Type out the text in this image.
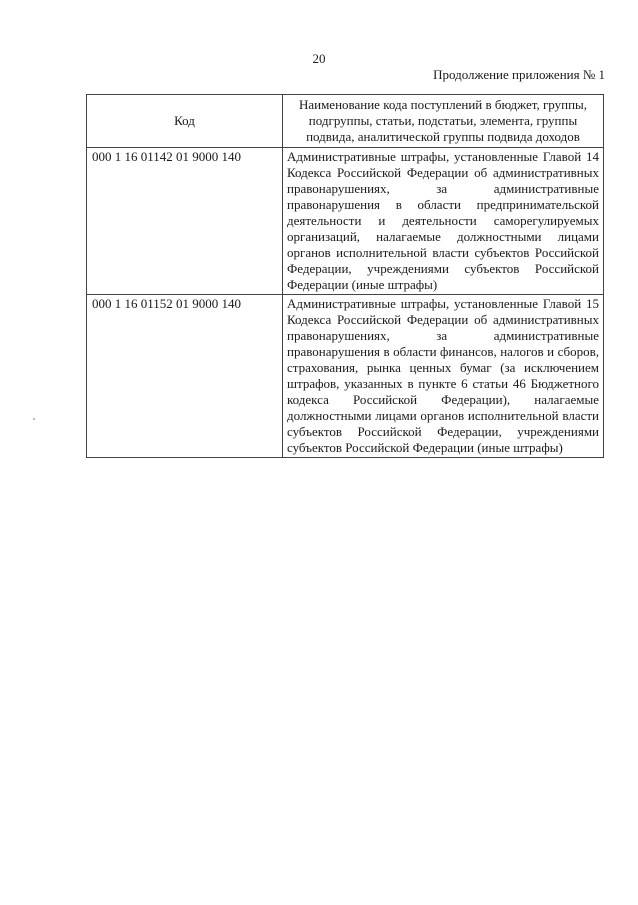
20
Продолжение приложения № 1
Код	Наименование кода поступлений в бюджет, группы, подгруппы, статьи, подстатьи, элемента, группы подвида, аналитической группы подвида доходов
000 1 16 01142 01 9000 140	Административные штрафы, установленные Главой 14 Кодекса Российской Федерации об административных правонарушениях, за административные правонарушения в области предпринимательской деятельности и деятельности саморегулируемых организаций, налагаемые должностными лицами органов исполнительной власти субъектов Российской Федерации, учреждениями субъектов Российской Федерации (иные штрафы)
000 1 16 01152 01 9000 140	Административные штрафы, установленные Главой 15 Кодекса Российской Федерации об административных правонарушениях, за административные правонарушения в области финансов, налогов и сборов, страхования, рынка ценных бумаг (за исключением штрафов, указанных в пункте 6 статьи 46 Бюджетного кодекса Российской Федерации), налагаемые должностными лицами органов исполнительной власти субъектов Российской Федерации, учреждениями субъектов Российской Федерации (иные штрафы)
